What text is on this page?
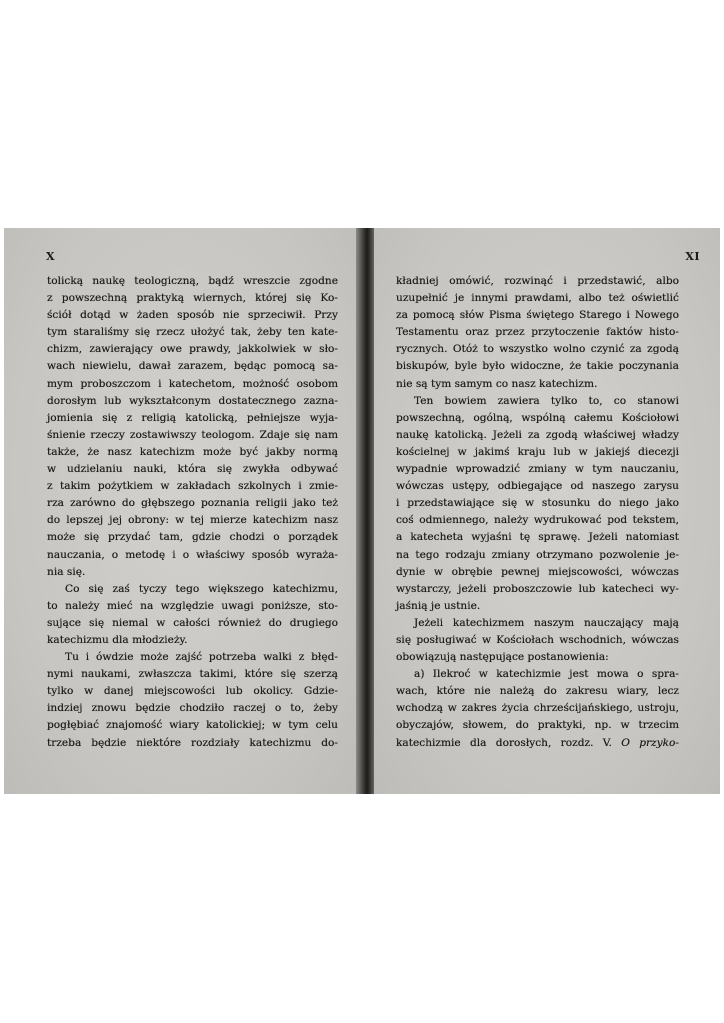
X
tolicką naukę teologiczną, bądź wreszcie zgodne
z powszechną praktyką wiernych, której się Ko-
ściół dotąd w żaden sposób nie sprzeciwił. Przy
tym staraliśmy się rzecz ułożyć tak, żeby ten kate-
chizm, zawierający owe prawdy, jakkolwiek w sło-
wach niewielu, dawał zarazem, będąc pomocą sa-
mym proboszczom i katechetom, możność osobom
dorosłym lub wykształconym dostatecznego zazna-
jomienia się z religią katolicką, pełniejsze wyja-
śnienie rzeczy zostawiwszy teologom. Zdaje się nam
także, że nasz katechizm może być jakby normą
w udzielaniu nauki, która się zwykła odbywać
z takim pożytkiem w zakładach szkolnych i zmie-
rza zarówno do głębszego poznania religii jako też
do lepszej jej obrony: w tej mierze katechizm nasz
może się przydać tam, gdzie chodzi o porządek
nauczania, o metodę i o właściwy sposób wyraża-
nia się.
Co się zaś tyczy tego większego katechizmu,
to należy mieć na względzie uwagi poniższe, sto-
sujące się niemal w całości również do drugiego
katechizmu dla młodzieży.
Tu i ówdzie może zajść potrzeba walki z błęd-
nymi naukami, zwłaszcza takimi, które się szerzą
tylko w danej miejscowości lub okolicy. Gdzie-
indziej znowu będzie chodziło raczej o to, żeby
pogłębiać znajomość wiary katolickiej; w tym celu
trzeba będzie niektóre rozdziały katechizmu do-
XI
kładniej omówić, rozwinąć i przedstawić, albo
uzupełnić je innymi prawdami, albo też oświetlić
za pomocą słów Pisma świętego Starego i Nowego
Testamentu oraz przez przytoczenie faktów histo-
rycznych. Otóż to wszystko wolno czynić za zgodą
biskupów, byle było widoczne, że takie poczynania
nie są tym samym co nasz katechizm.
Ten bowiem zawiera tylko to, co stanowi
powszechną, ogólną, wspólną całemu Kościołowi
naukę katolicką. Jeżeli za zgodą właściwej władzy
kościelnej w jakimś kraju lub w jakiejś diecezji
wypadnie wprowadzić zmiany w tym nauczaniu,
wówczas ustępy, odbiegające od naszego zarysu
i przedstawiające się w stosunku do niego jako
coś odmiennego, należy wydrukować pod tekstem,
a katecheta wyjaśni tę sprawę. Jeżeli natomiast
na tego rodzaju zmiany otrzymano pozwolenie je-
dynie w obrębie pewnej miejscowości, wówczas
wystarczy, jeżeli proboszczowie lub katecheci wy-
jaśnią je ustnie.
Jeżeli katechizmem naszym nauczający mają
się posługiwać w Kościołach wschodnich, wówczas
obowiązują następujące postanowienia:
a) Ilekroć w katechizmie jest mowa o spra-
wach, które nie należą do zakresu wiary, lecz
wchodzą w zakres życia chrześcijańskiego, ustroju,
obyczajów, słowem, do praktyki, np. w trzecim
katechizmie dla dorosłych, rozdz. V. O przyko-
